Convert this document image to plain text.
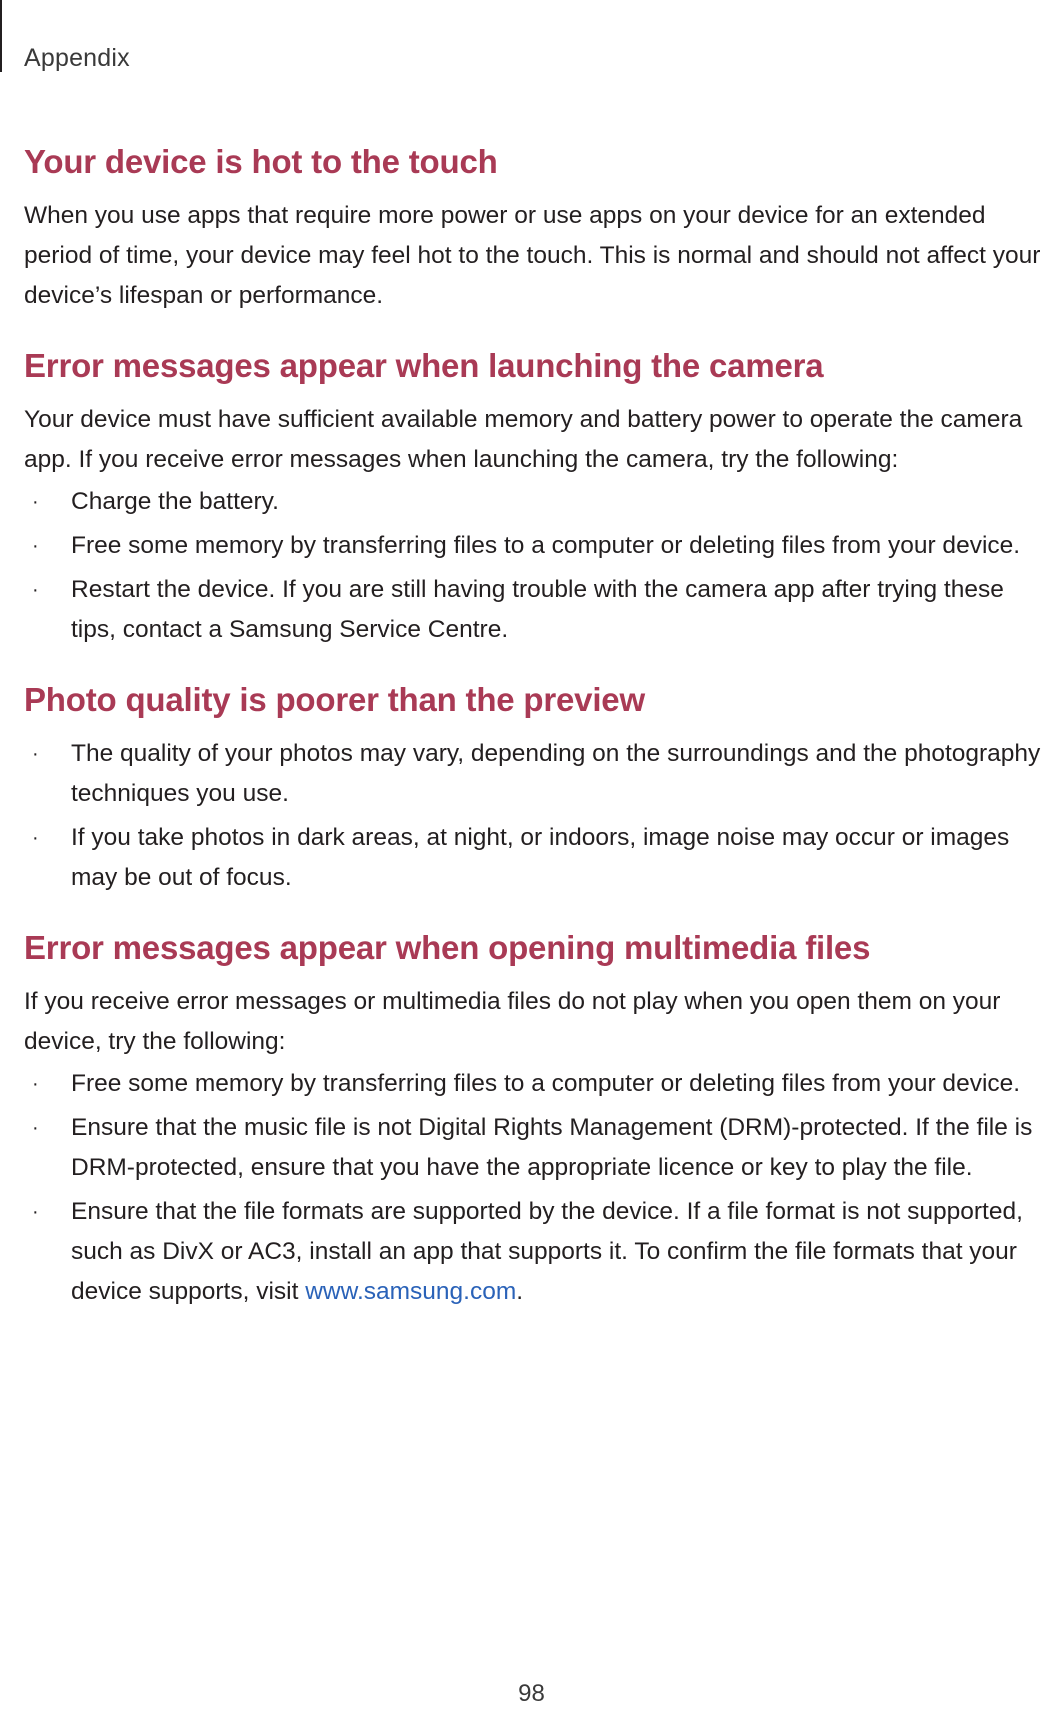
Appendix
Your device is hot to the touch

When you use apps that require more power or use apps on your device for an extended period of time, your device may feel hot to the touch. This is normal and should not affect your device’s lifespan or performance.

Error messages appear when launching the camera

Your device must have sufficient available memory and battery power to operate the camera app. If you receive error messages when launching the camera, try the following:

· Charge the battery.
· Free some memory by transferring files to a computer or deleting files from your device.
· Restart the device. If you are still having trouble with the camera app after trying these tips, contact a Samsung Service Centre.
Photo quality is poorer than the preview
· The quality of your photos may vary, depending on the surroundings and the photography techniques you use.
· If you take photos in dark areas, at night, or indoors, image noise may occur or images may be out of focus.
Error messages appear when opening multimedia files

If you receive error messages or multimedia files do not play when you open them on your device, try the following:

· Free some memory by transferring files to a computer or deleting files from your device.
· Ensure that the music file is not Digital Rights Management (DRM)-protected. If the file is DRM-protected, ensure that you have the appropriate licence or key to play the file.
· Ensure that the file formats are supported by the device. If a file format is not supported, such as DivX or AC3, install an app that supports it. To confirm the file formats that your device supports, visit www.samsung.com.
98
